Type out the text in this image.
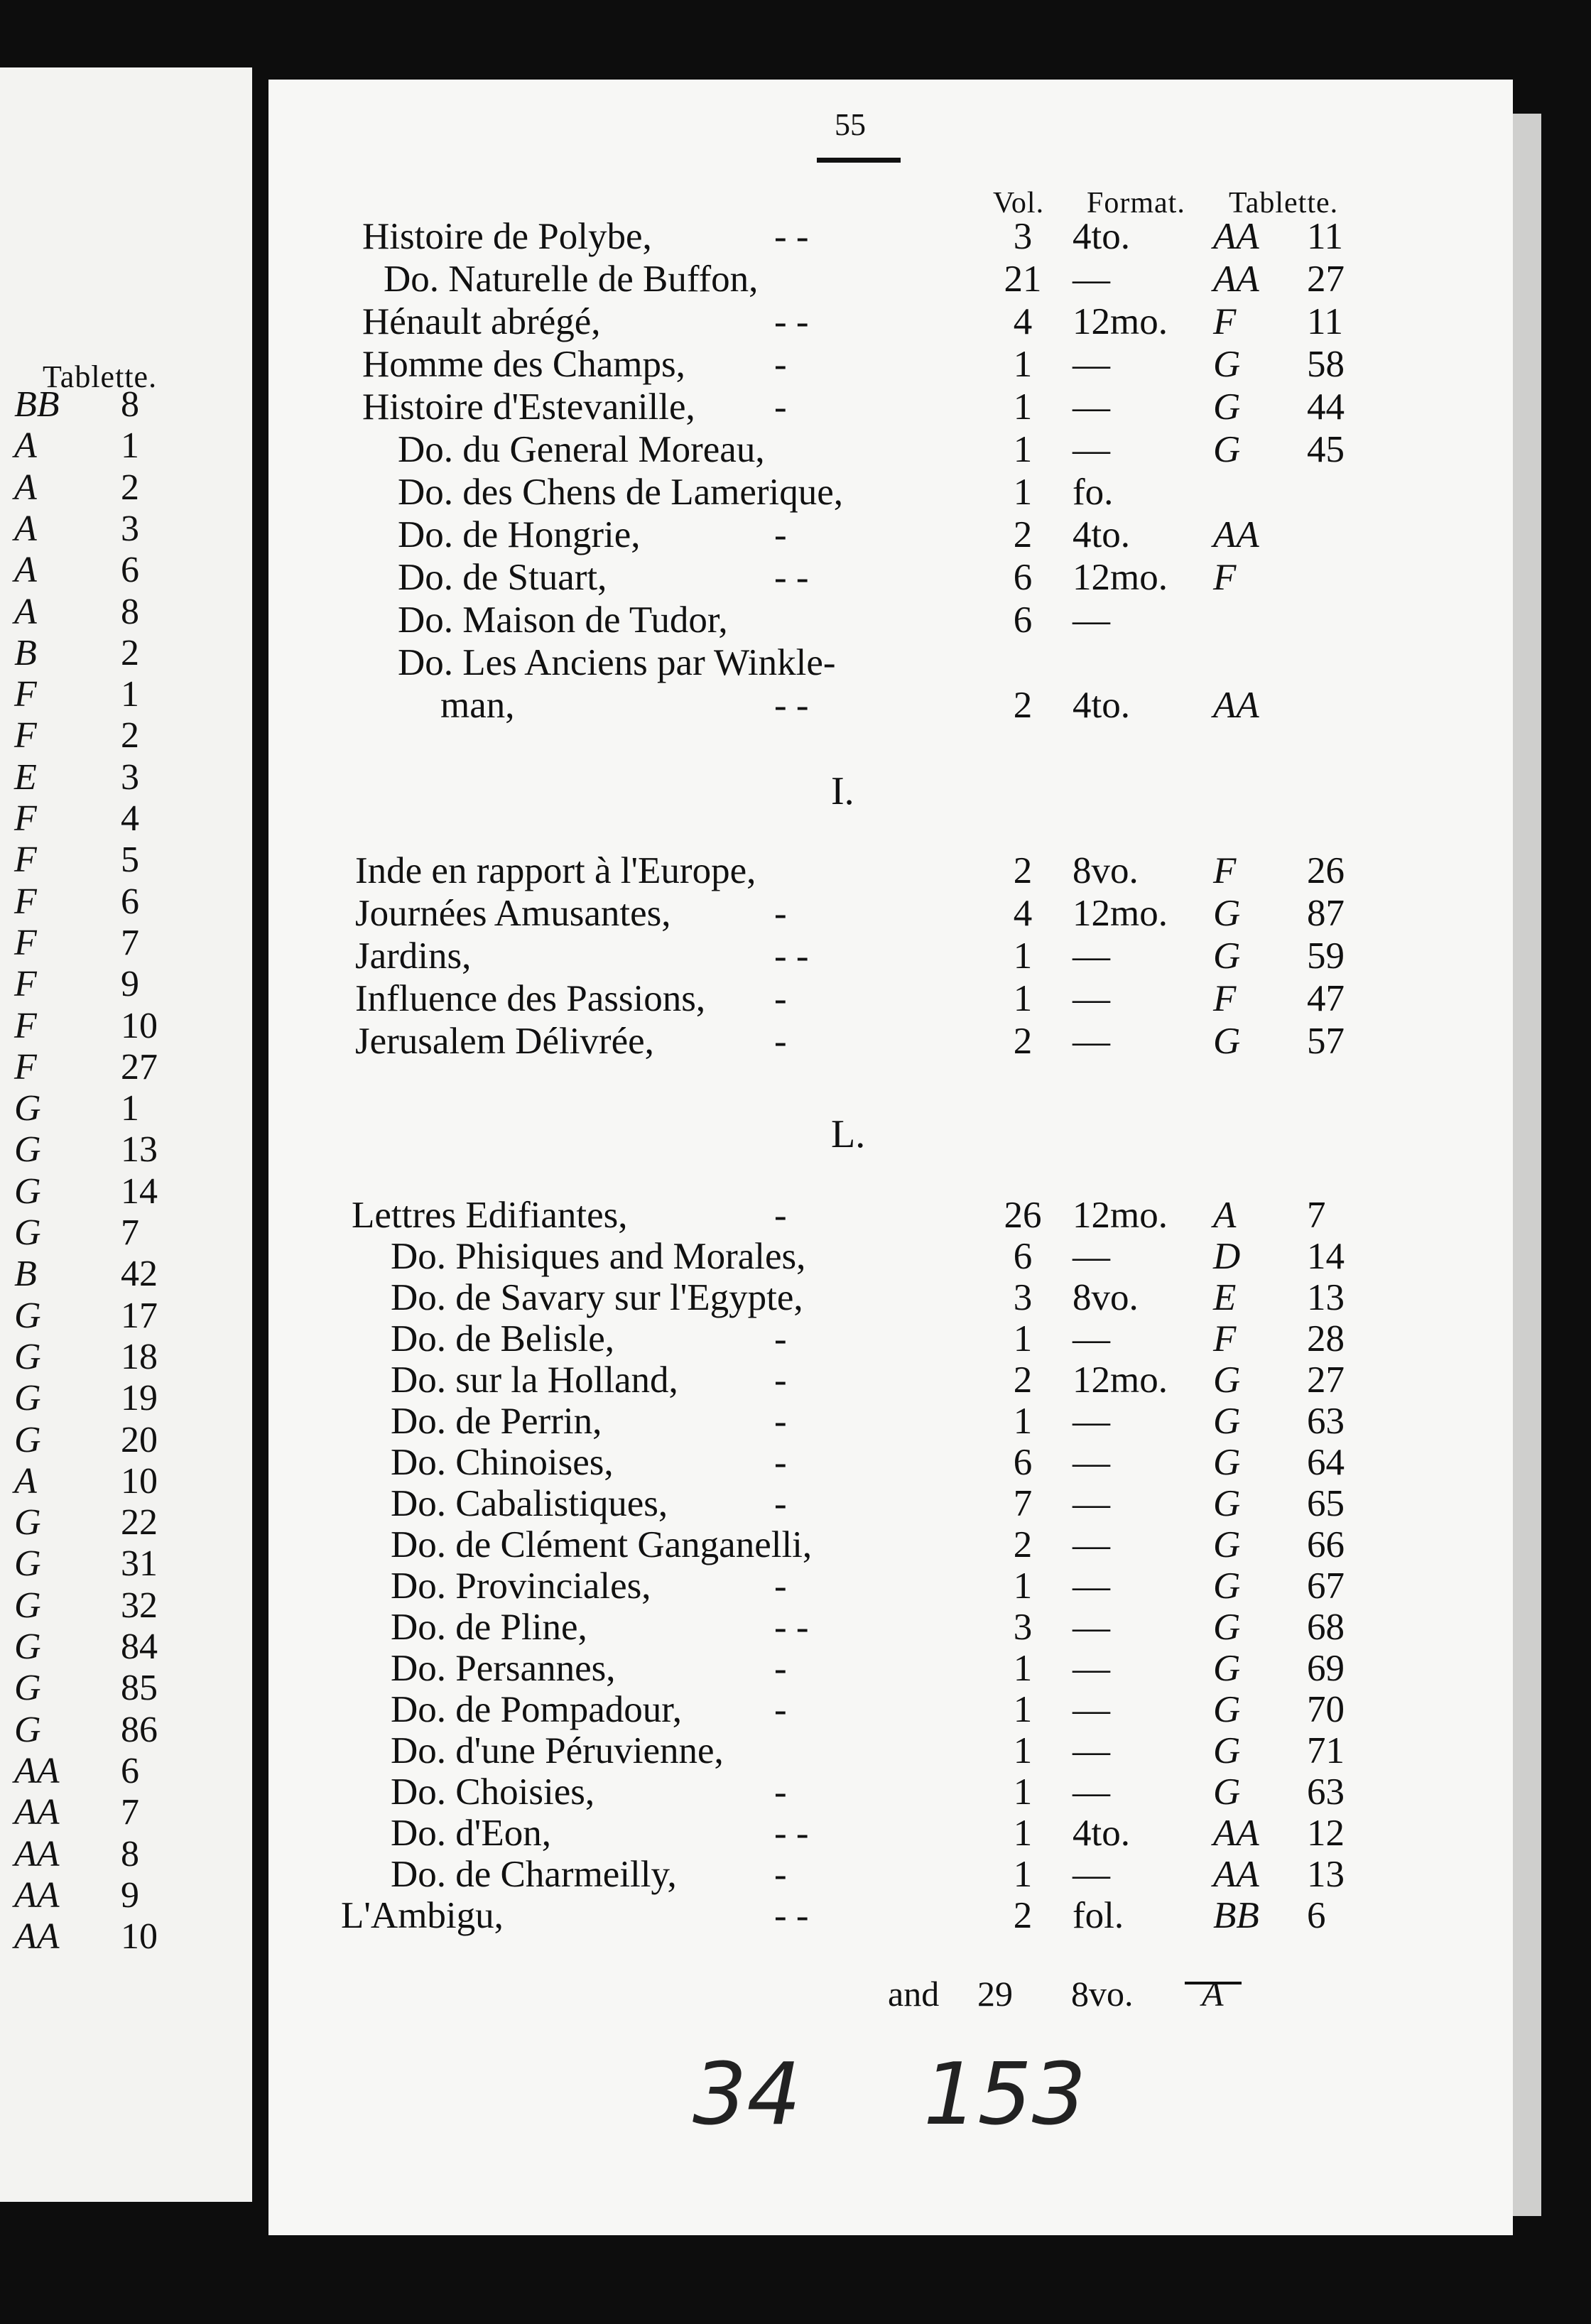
Tablette.
BB 8
A 1
A 2
A 3
A 6
A 8
B 2
F 1
F 2
E 3
F 4
F 5
F 6
F 7
F 9
F 10
F 27
G 1
G 13
G 14
G 7
B 42
G 17
G 18
G 19
G 20
A 10
G 22
G 31
G 32
G 84
G 85
G 86
AA 6
AA 7
AA 8
AA 9
AA 10
55
Vol. Format. Tablette.
I.
L.
Histoire de Polybe,	- -	3	4to. AA 11
Do. Naturelle de Buffon,	21 —	AA 27
Hénault abrégé,	- -	4	12mo. F 11
Homme des Champs, -	1	—	G 58
Histoire d'Estevanille, -	1	—	G 44
Do. du General Moreau,	1	—	G 45
Do. des Chens de Lamerique,	1	fo.
Do. de Hongrie,	-	2	4to. AA
Do. de Stuart,	- -	6	12mo. F
Do. Maison de Tudor,	6	—
Do. Les Anciens par Winkle-
man,	- -	2	4to. AA
Inde en rapport à l'Europe,	2	8vo. F 26
Journées Amusantes,	-	4	12mo. G 87
Jardins,	- -	1	—	G 59
Influence des Passions, -	1	—	F 47
Jerusalem Délivrée,	-	2	—	G 57
Lettres Edifiantes,	-	26 12mo. A 7
Do. Phisiques and Morales,	6	—	D 14
Do. de Savary sur l'Egypte,	3	8vo. E 13
Do. de Belisle,	-	1	—	F 28
Do. sur la Holland,	-	2	12mo. G 27
Do. de Perrin,	-	1	—	G 63
Do. Chinoises,	-	6	—	G 64
Do. Cabalistiques,	-	7	—	G 65
Do. de Clément Ganganelli,	2	—	G 66
Do. Provinciales,	-	1	—	G 67
Do. de Pline,	- -	3	—	G 68
Do. Persannes,	-	1	—	G 69
Do. de Pompadour, -	1	—	G 70
Do. d'une Péruvienne,	1	—	G 71
Do. Choisies,	-	1	—	G 63
Do. d'Eon,	- -	1	4to. AA 12
Do. de Charmeilly,	-	1	—	AA 13
L'Ambigu,	- -	2	fol. BB 6
and 29 8vo. A
34 153
